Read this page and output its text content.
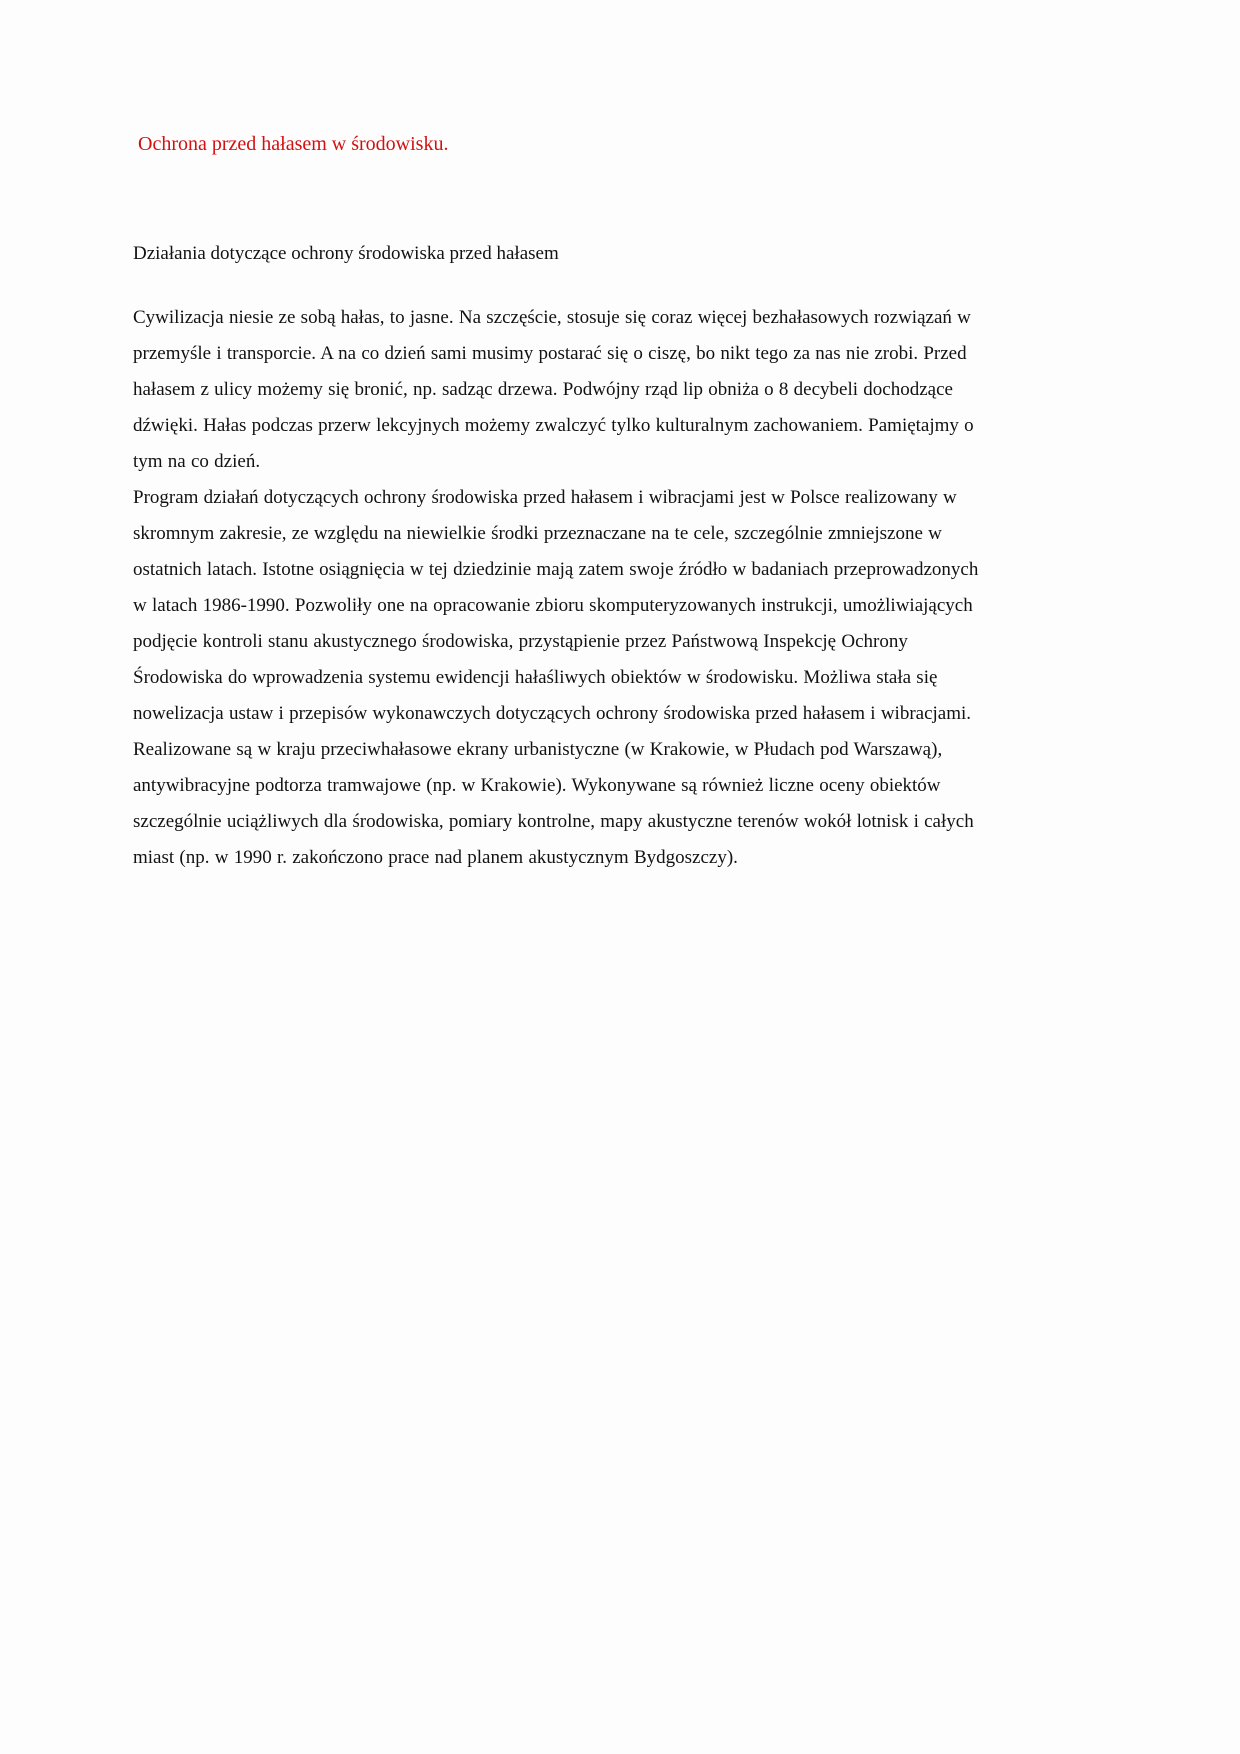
Ochrona przed hałasem w środowisku.
Działania dotyczące ochrony środowiska przed hałasem

Cywilizacja niesie ze sobą hałas, to jasne. Na szczęście, stosuje się coraz więcej bezhałasowych rozwiązań w przemyśle i transporcie. A na co dzień sami musimy postarać się o ciszę, bo nikt tego za nas nie zrobi. Przed hałasem z ulicy możemy się bronić, np. sadząc drzewa. Podwójny rząd lip obniża o 8 decybeli dochodzące dźwięki. Hałas podczas przerw lekcyjnych możemy zwalczyć tylko kulturalnym zachowaniem. Pamiętajmy o tym na co dzień.

Program działań dotyczących ochrony środowiska przed hałasem i wibracjami jest w Polsce realizowany w skromnym zakresie, ze względu na niewielkie środki przeznaczane na te cele, szczególnie zmniejszone w ostatnich latach. Istotne osiągnięcia w tej dziedzinie mają zatem swoje źródło w badaniach przeprowadzonych w latach 1986-1990. Pozwoliły one na opracowanie zbioru skomputeryzowanych instrukcji, umożliwiających podjęcie kontroli stanu akustycznego środowiska, przystąpienie przez Państwową Inspekcję Ochrony Środowiska do wprowadzenia systemu ewidencji hałaśliwych obiektów w środowisku. Możliwa stała się nowelizacja ustaw i przepisów wykonawczych dotyczących ochrony środowiska przed hałasem i wibracjami. Realizowane są w kraju przeciwhałasowe ekrany urbanistyczne (w Krakowie, w Płudach pod Warszawą), antywibracyjne podtorza tramwajowe (np. w Krakowie). Wykonywane są również liczne oceny obiektów szczególnie uciążliwych dla środowiska, pomiary kontrolne, mapy akustyczne terenów wokół lotnisk i całych miast (np. w 1990 r. zakończono prace nad planem akustycznym Bydgoszczy).
